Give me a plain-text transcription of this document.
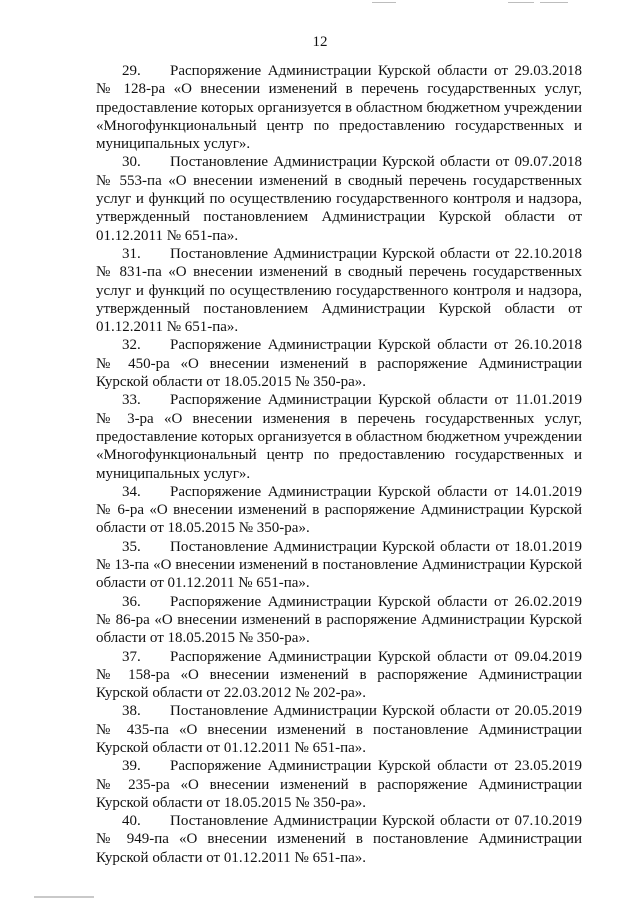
12

29. Распоряжение Администрации Курской области от 29.03.2018 № 128-ра «О внесении изменений в перечень государственных услуг, предоставление которых организуется в областном бюджетном учреждении «Многофункциональный центр по предоставлению государственных и муниципальных услуг».

30. Постановление Администрации Курской области от 09.07.2018 № 553-па «О внесении изменений в сводный перечень государственных услуг и функций по осуществлению государственного контроля и надзора, утвержденный постановлением Администрации Курской области от 01.12.2011 № 651-па».

31. Постановление Администрации Курской области от 22.10.2018 № 831-па «О внесении изменений в сводный перечень государственных услуг и функций по осуществлению государственного контроля и надзора, утвержденный постановлением Администрации Курской области от 01.12.2011 № 651-па».

32. Распоряжение Администрации Курской области от 26.10.2018 № 450-ра «О внесении изменений в распоряжение Администрации Курской области от 18.05.2015 № 350-ра».

33. Распоряжение Администрации Курской области от 11.01.2019 № 3-ра «О внесении изменения в перечень государственных услуг, предоставление которых организуется в областном бюджетном учреждении «Многофункциональный центр по предоставлению государственных и муниципальных услуг».

34. Распоряжение Администрации Курской области от 14.01.2019 № 6-ра «О внесении изменений в распоряжение Администрации Курской области от 18.05.2015 № 350-ра».

35. Постановление Администрации Курской области от 18.01.2019 № 13-па «О внесении изменений в постановление Администрации Курской области от 01.12.2011 № 651-па».

36. Распоряжение Администрации Курской области от 26.02.2019 № 86-ра «О внесении изменений в распоряжение Администрации Курской области от 18.05.2015 № 350-ра».

37. Распоряжение Администрации Курской области от 09.04.2019 № 158-ра «О внесении изменений в распоряжение Администрации Курской области от 22.03.2012 № 202-ра».

38. Постановление Администрации Курской области от 20.05.2019 № 435-па «О внесении изменений в постановление Администрации Курской области от 01.12.2011 № 651-па».

39. Распоряжение Администрации Курской области от 23.05.2019 № 235-ра «О внесении изменений в распоряжение Администрации Курской области от 18.05.2015 № 350-ра».

40. Постановление Администрации Курской области от 07.10.2019 № 949-па «О внесении изменений в постановление Администрации Курской области от 01.12.2011 № 651-па».
